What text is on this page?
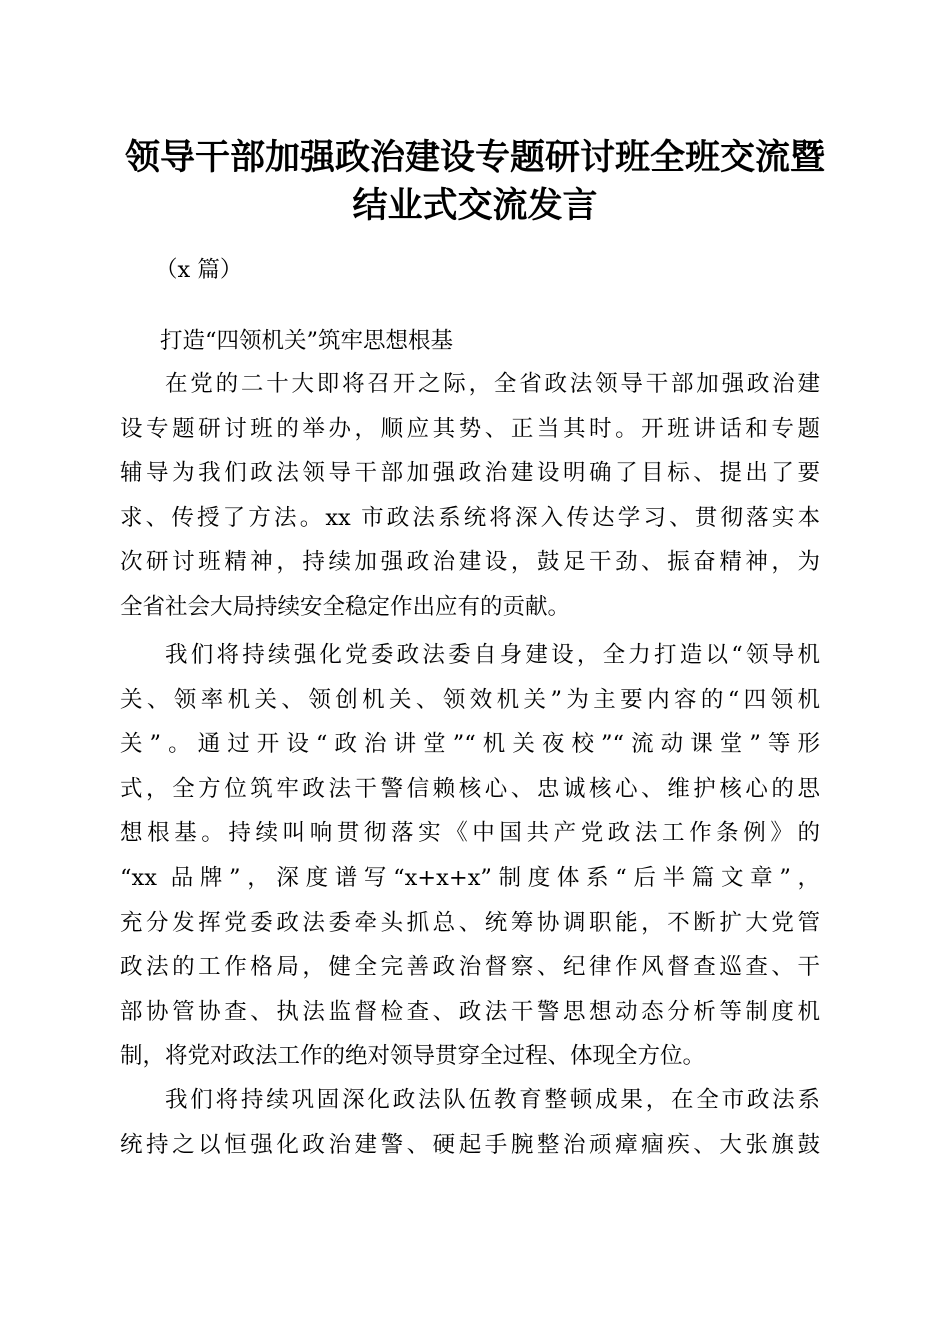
领导干部加强政治建设专题研讨班全班交流暨
结业式交流发言
（x 篇）
打造“四领机关”筑牢思想根基
在党的二十大即将召开之际，全省政法领导干部加强政治建
设专题研讨班的举办，顺应其势、正当其时。开班讲话和专题
辅导为我们政法领导干部加强政治建设明确了目标、提出了要
求、传授了方法。xx 市政法系统将深入传达学习、贯彻落实本
次研讨班精神，持续加强政治建设，鼓足干劲、振奋精神，为
全省社会大局持续安全稳定作出应有的贡献。
我们将持续强化党委政法委自身建设，全力打造以“领导机
关、领率机关、领创机关、领效机关”为主要内容的“四领机
关”。通过开设“政治讲堂”“机关夜校”“流动课堂”等形
式，全方位筑牢政法干警信赖核心、忠诚核心、维护核心的思
想根基。持续叫响贯彻落实《中国共产党政法工作条例》的
“xx 品牌”，深度谱写“x+x+x”制度体系“后半篇文章”，
充分发挥党委政法委牵头抓总、统筹协调职能，不断扩大党管
政法的工作格局，健全完善政治督察、纪律作风督查巡查、干
部协管协查、执法监督检查、政法干警思想动态分析等制度机
制，将党对政法工作的绝对领导贯穿全过程、体现全方位。
我们将持续巩固深化政法队伍教育整顿成果，在全市政法系
统持之以恒强化政治建警、硬起手腕整治顽瘴痼疾、大张旗鼓
